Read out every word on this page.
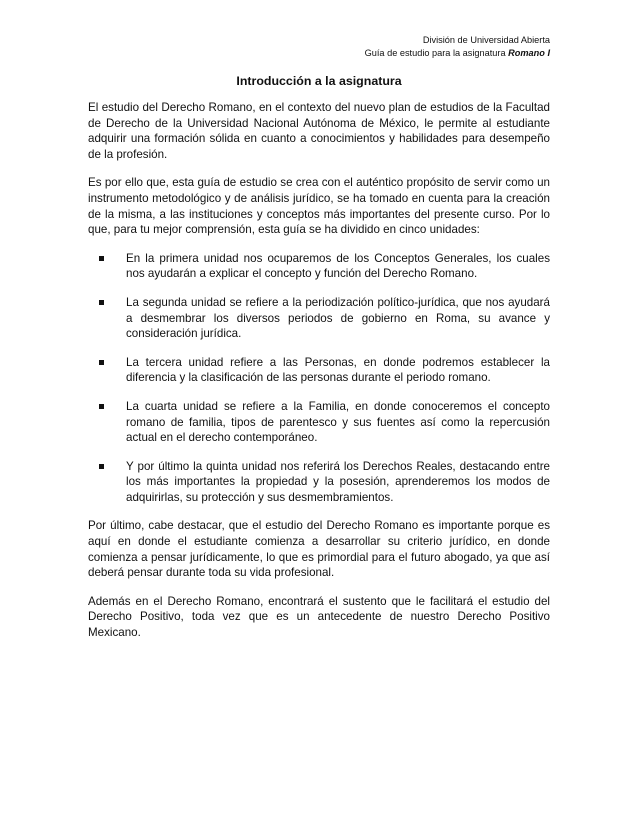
División de Universidad Abierta
Guía de estudio para la asignatura Romano I
Introducción a la asignatura

El estudio del Derecho Romano, en el contexto del nuevo plan de estudios de la Facultad de Derecho de la Universidad Nacional Autónoma de México, le permite al estudiante adquirir una formación sólida en cuanto a conocimientos y habilidades para desempeño de la profesión.

Es por ello que, esta guía de estudio se crea con el auténtico propósito de servir como un instrumento metodológico y de análisis jurídico, se ha tomado en cuenta para la creación de la misma, a las instituciones y conceptos más importantes del presente curso. Por lo que, para tu mejor comprensión, esta guía se ha dividido en cinco unidades:

En la primera unidad nos ocuparemos de los Conceptos Generales, los cuales nos ayudarán a explicar el concepto y función del Derecho Romano.
La segunda unidad se refiere a la periodización político-jurídica, que nos ayudará a desmembrar los diversos periodos de gobierno en Roma, su avance y consideración jurídica.
La tercera unidad refiere a las Personas, en donde podremos establecer la diferencia y la clasificación de las personas durante el periodo romano.
La cuarta unidad se refiere a la Familia, en donde conoceremos el concepto romano de familia, tipos de parentesco y sus fuentes así como la repercusión actual en el derecho contemporáneo.
Y por último la quinta unidad nos referirá los Derechos Reales, destacando entre los más importantes la propiedad y la posesión, aprenderemos los modos de adquirirlas, su protección y sus desmembramientos.

Por último, cabe destacar, que el estudio del Derecho Romano es importante porque es aquí en donde el estudiante comienza a desarrollar su criterio jurídico, en donde comienza a pensar jurídicamente, lo que es primordial para el futuro abogado, ya que así deberá pensar durante toda su vida profesional.

Además en el Derecho Romano, encontrará el sustento que le facilitará el estudio del Derecho Positivo, toda vez que es un antecedente de nuestro Derecho Positivo Mexicano.
